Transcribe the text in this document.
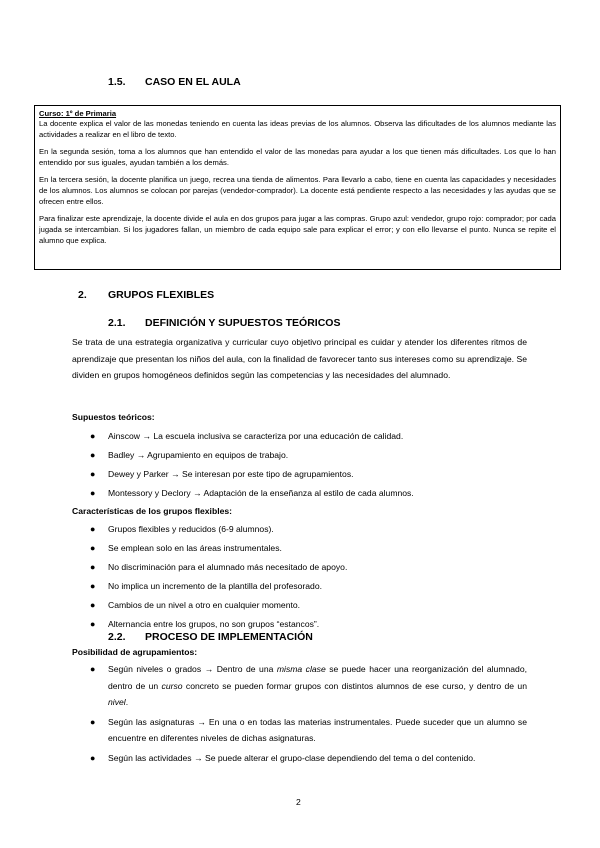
1.5. CASO EN EL AULA

Curso: 1º de Primaria

La docente explica el valor de las monedas teniendo en cuenta las ideas previas de los alumnos. Observa las dificultades de los alumnos mediante las actividades a realizar en el libro de texto.

En la segunda sesión, toma a los alumnos que han entendido el valor de las monedas para ayudar a los que tienen más dificultades. Los que lo han entendido por sus iguales, ayudan también a los demás.

En la tercera sesión, la docente planifica un juego, recrea una tienda de alimentos. Para llevarlo a cabo, tiene en cuenta las capacidades y necesidades de los alumnos. Los alumnos se colocan por parejas (vendedor-comprador). La docente está pendiente respecto a las necesidades y las ayudas que se ofrecen entre ellos.

Para finalizar este aprendizaje, la docente divide el aula en dos grupos para jugar a las compras. Grupo azul: vendedor, grupo rojo: comprador; por cada jugada se intercambian. Si los jugadores fallan, un miembro de cada equipo sale para explicar el error; y con ello llevarse el punto. Nunca se repite el alumno que explica.

2. GRUPOS FLEXIBLES
2.1. DEFINICIÓN Y SUPUESTOS TEÓRICOS

Se trata de una estrategia organizativa y curricular cuyo objetivo principal es cuidar y atender los diferentes ritmos de aprendizaje que presentan los niños del aula, con la finalidad de favorecer tanto sus intereses como su aprendizaje. Se dividen en grupos homogéneos definidos según las competencias y las necesidades del alumnado.

Supuestos teóricos:
● Ainscow → La escuela inclusiva se caracteriza por una educación de calidad.
● Badley → Agrupamiento en equipos de trabajo.
● Dewey y Parker → Se interesan por este tipo de agrupamientos.
● Montessory y Declory → Adaptación de la enseñanza al estilo de cada alumnos.
Características de los grupos flexibles:
● Grupos flexibles y reducidos (6-9 alumnos).
● Se emplean solo en las áreas instrumentales.
● No discriminación para el alumnado más necesitado de apoyo.
● No implica un incremento de la plantilla del profesorado.
● Cambios de un nivel a otro en cualquier momento.
● Alternancia entre los grupos, no son grupos “estancos”.
2.2. PROCESO DE IMPLEMENTACIÓN
Posibilidad de agrupamientos:
● Según niveles o grados → Dentro de una misma clase se puede hacer una reorganización del alumnado, dentro de un curso concreto se pueden formar grupos con distintos alumnos de ese curso, y dentro de un nivel.
● Según las asignaturas → En una o en todas las materias instrumentales. Puede suceder que un alumno se encuentre en diferentes niveles de dichas asignaturas.
● Según las actividades → Se puede alterar el grupo-clase dependiendo del tema o del contenido.
2
